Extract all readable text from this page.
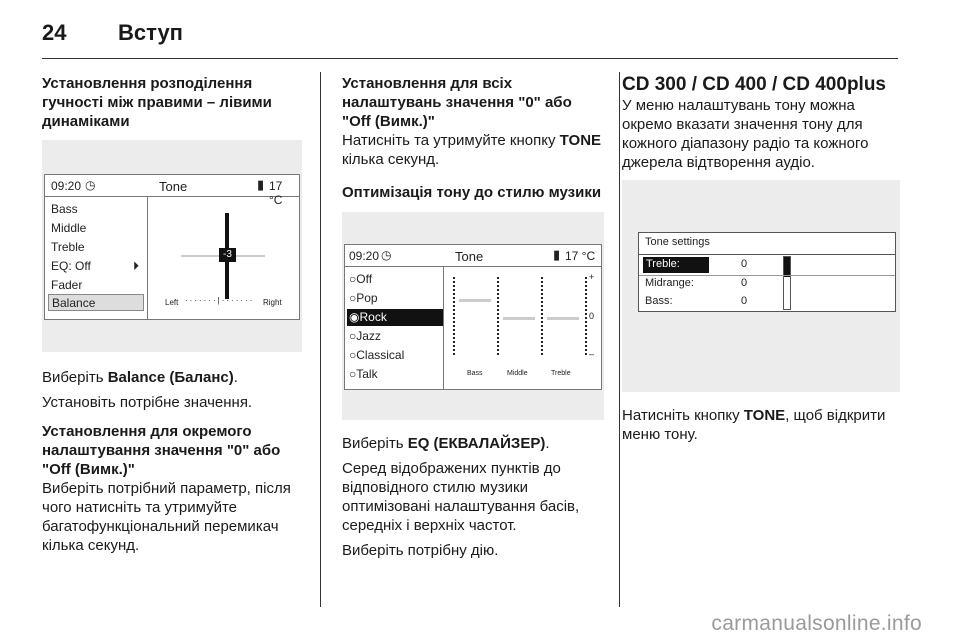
24 Вступ
Установлення розподілення гучності між правими – лівими динаміками
09:20 ◷	Tone	▮ 17 °C
Bass
Middle
Treble
EQ: Off	⏵
Fader
Balance
-3
Left ·······|······· Right
Виберіть Balance (Баланс).
Установіть потрібне значення.
Установлення для окремого налаштування значення "0" або "Off (Вимк.)"
Виберіть потрібний параметр, після чого натисніть та утримуйте багатофункціональний перемикач кілька секунд.
Установлення для всіх налаштувань значення "0" або "Off (Вимк.)"
Натисніть та утримуйте кнопку TONE кілька секунд.
Оптимізація тону до стилю музики
09:20 ◷	Tone	▮ 17 °C
○Off
○Pop
◉Rock
○Jazz
○Classical
○Talk
+
0
–
Bass	Middle	Treble
Виберіть EQ (ЕКВАЛАЙЗЕР).
Серед відображених пунктів до відповідного стилю музики оптимізовані налаштування басів, середніх і верхніх частот.
Виберіть потрібну дію.
CD 300 / CD 400 / CD 400plus
У меню налаштувань тону можна окремо вказати значення тону для кожного діапазону радіо та кожного джерела відтворення аудіо.
Tone settings
Treble:	0
Midrange:	0
Bass:	0
Натисніть кнопку TONE, щоб відкрити меню тону.
carmanualsonline.info
